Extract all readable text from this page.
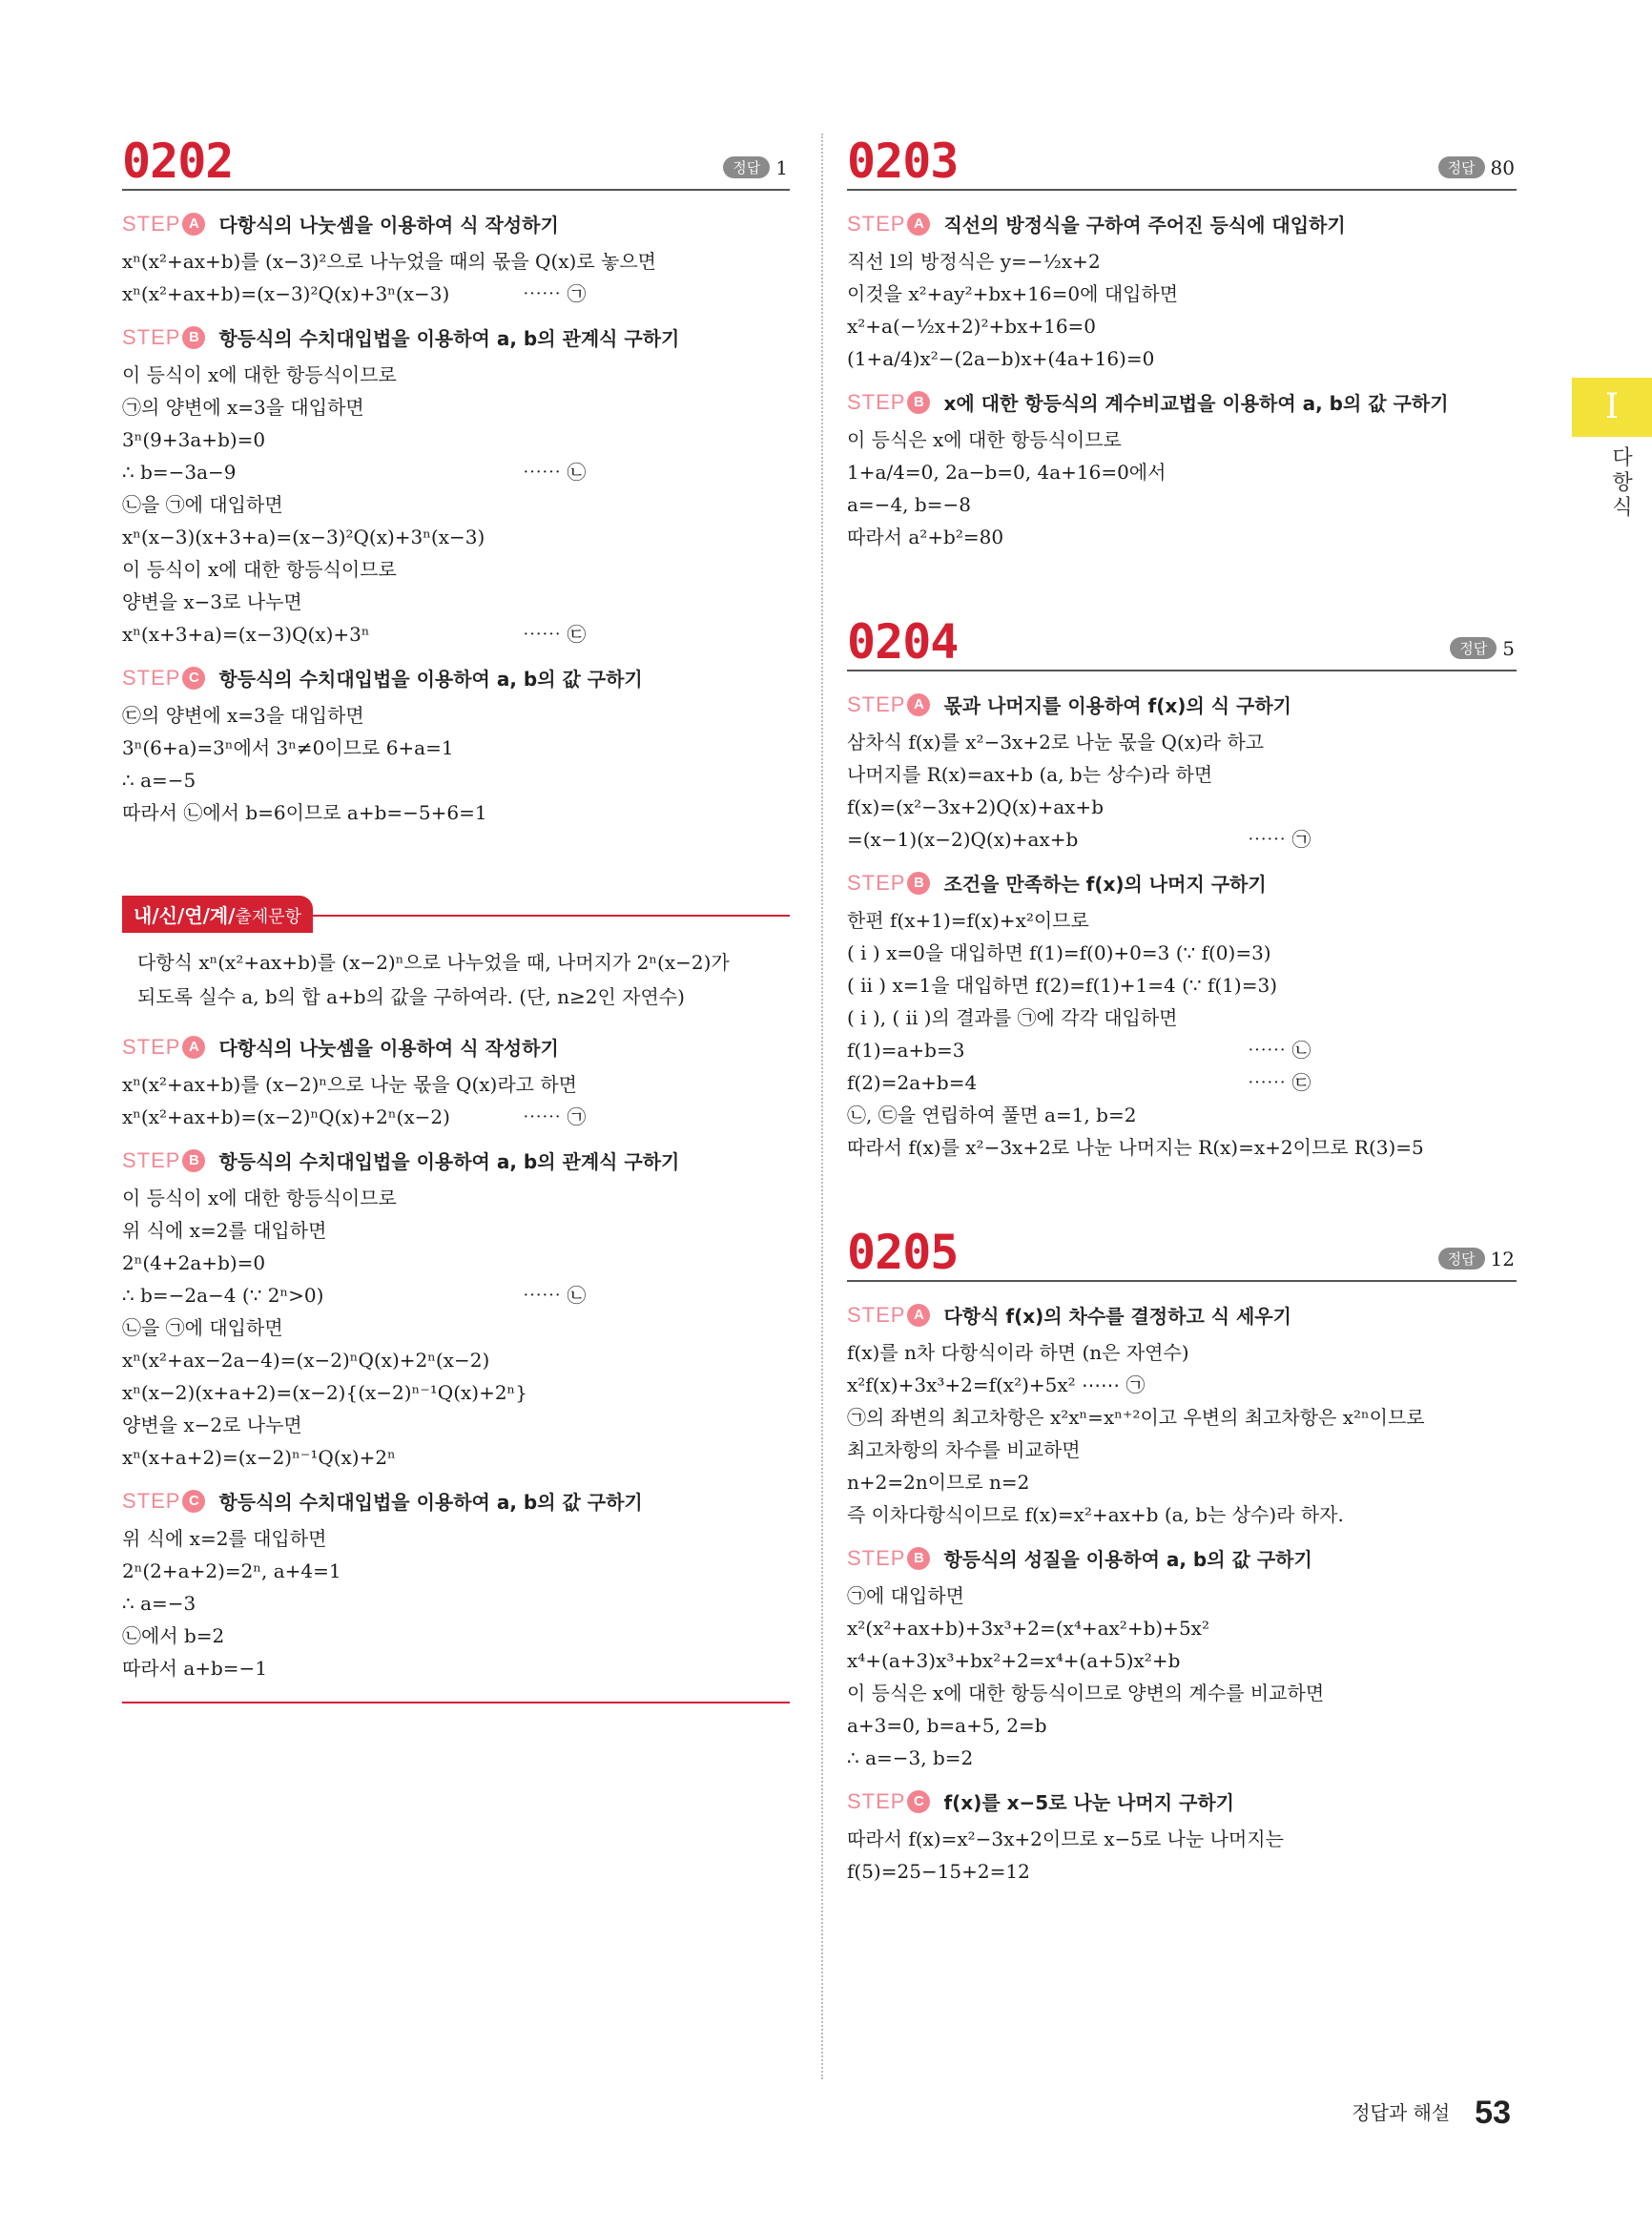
0202	정답 1
STEP A	다항식의 나눗셈을 이용하여 식 작성하기
xⁿ(x²+ax+b)를 (x−3)²으로 나누었을 때의 몫을 Q(x)로 놓으면
xⁿ(x²+ax+b)=(x−3)²Q(x)+3ⁿ(x−3)	⋯⋯ ㉠
STEP B	항등식의 수치대입법을 이용하여 a, b의 관계식 구하기
이 등식이 x에 대한 항등식이므로
㉠의 양변에 x=3을 대입하면
3ⁿ(9+3a+b)=0
∴ b=−3a−9	⋯⋯ ㉡
㉡을 ㉠에 대입하면
xⁿ(x−3)(x+3+a)=(x−3)²Q(x)+3ⁿ(x−3)
이 등식이 x에 대한 항등식이므로
양변을 x−3로 나누면
xⁿ(x+3+a)=(x−3)Q(x)+3ⁿ	⋯⋯ ㉢
STEP C	항등식의 수치대입법을 이용하여 a, b의 값 구하기
㉢의 양변에 x=3을 대입하면
3ⁿ(6+a)=3ⁿ에서 3ⁿ≠0이므로 6+a=1
∴ a=−5
따라서 ㉡에서 b=6이므로 a+b=−5+6=1
내/신/연/계/출제문항
다항식 xⁿ(x²+ax+b)를 (x−2)ⁿ으로 나누었을 때, 나머지가 2ⁿ(x−2)가
되도록 실수 a, b의 합 a+b의 값을 구하여라. (단, n≥2인 자연수)
STEP A	다항식의 나눗셈을 이용하여 식 작성하기
xⁿ(x²+ax+b)를 (x−2)ⁿ으로 나눈 몫을 Q(x)라고 하면
xⁿ(x²+ax+b)=(x−2)ⁿQ(x)+2ⁿ(x−2)	⋯⋯ ㉠
STEP B	항등식의 수치대입법을 이용하여 a, b의 관계식 구하기
이 등식이 x에 대한 항등식이므로
위 식에 x=2를 대입하면
2ⁿ(4+2a+b)=0
∴ b=−2a−4 (∵ 2ⁿ>0)	⋯⋯ ㉡
㉡을 ㉠에 대입하면
xⁿ(x²+ax−2a−4)=(x−2)ⁿQ(x)+2ⁿ(x−2)
xⁿ(x−2)(x+a+2)=(x−2){(x−2)ⁿ⁻¹Q(x)+2ⁿ}
양변을 x−2로 나누면
xⁿ(x+a+2)=(x−2)ⁿ⁻¹Q(x)+2ⁿ
STEP C	항등식의 수치대입법을 이용하여 a, b의 값 구하기
위 식에 x=2를 대입하면
2ⁿ(2+a+2)=2ⁿ, a+4=1
∴ a=−3
㉡에서 b=2
따라서 a+b=−1
0203	정답 80
STEP A	직선의 방정식을 구하여 주어진 등식에 대입하기
직선 l의 방정식은 y=−½x+2
이것을 x²+ay²+bx+16=0에 대입하면
x²+a(−½x+2)²+bx+16=0
(1+a/4)x²−(2a−b)x+(4a+16)=0
STEP B	x에 대한 항등식의 계수비교법을 이용하여 a, b의 값 구하기
이 등식은 x에 대한 항등식이므로
1+a/4=0, 2a−b=0, 4a+16=0에서
a=−4, b=−8
따라서 a²+b²=80
0204	정답 5
STEP A	몫과 나머지를 이용하여 f(x)의 식 구하기
삼차식 f(x)를 x²−3x+2로 나눈 몫을 Q(x)라 하고
나머지를 R(x)=ax+b (a, b는 상수)라 하면
f(x)=(x²−3x+2)Q(x)+ax+b
=(x−1)(x−2)Q(x)+ax+b	⋯⋯ ㉠
STEP B	조건을 만족하는 f(x)의 나머지 구하기
한편 f(x+1)=f(x)+x²이므로
( i ) x=0을 대입하면 f(1)=f(0)+0=3 (∵ f(0)=3)
( ii ) x=1을 대입하면 f(2)=f(1)+1=4 (∵ f(1)=3)
( i ), ( ii )의 결과를 ㉠에 각각 대입하면
f(1)=a+b=3	⋯⋯ ㉡
f(2)=2a+b=4	⋯⋯ ㉢
㉡, ㉢을 연립하여 풀면 a=1, b=2
따라서 f(x)를 x²−3x+2로 나눈 나머지는 R(x)=x+2이므로 R(3)=5
0205	정답 12
STEP A	다항식 f(x)의 차수를 결정하고 식 세우기
f(x)를 n차 다항식이라 하면 (n은 자연수)
x²f(x)+3x³+2=f(x²)+5x² ⋯⋯ ㉠
㉠의 좌변의 최고차항은 x²xⁿ=xⁿ⁺²이고 우변의 최고차항은 x²ⁿ이므로
최고차항의 차수를 비교하면
n+2=2n이므로 n=2
즉 이차다항식이므로 f(x)=x²+ax+b (a, b는 상수)라 하자.
STEP B	항등식의 성질을 이용하여 a, b의 값 구하기
㉠에 대입하면
x²(x²+ax+b)+3x³+2=(x⁴+ax²+b)+5x²
x⁴+(a+3)x³+bx²+2=x⁴+(a+5)x²+b
이 등식은 x에 대한 항등식이므로 양변의 계수를 비교하면
a+3=0, b=a+5, 2=b
∴ a=−3, b=2
STEP C	f(x)를 x−5로 나눈 나머지 구하기
따라서 f(x)=x²−3x+2이므로 x−5로 나눈 나머지는
f(5)=25−15+2=12
I
다항식
정답과 해설 53
